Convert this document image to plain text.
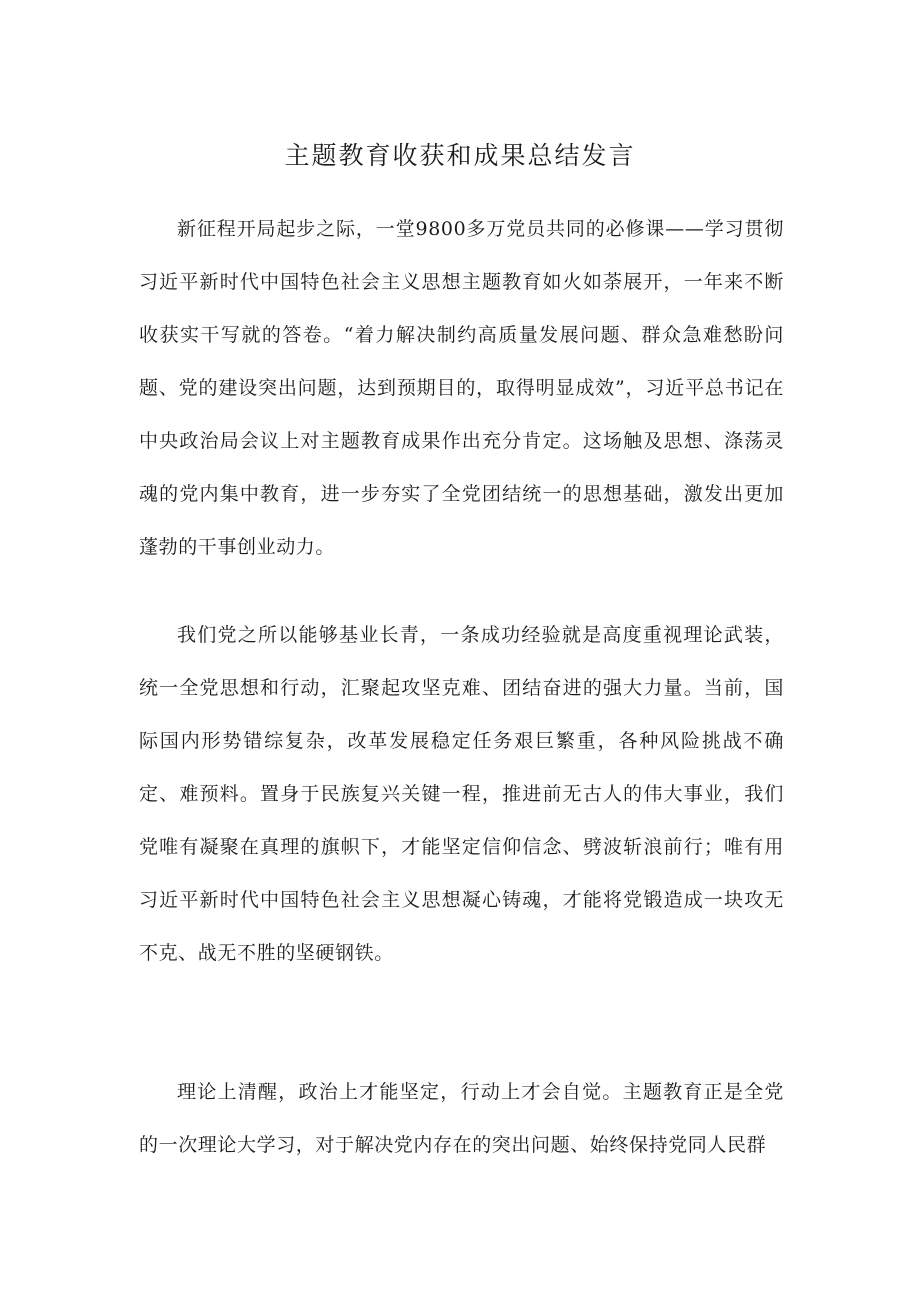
主题教育收获和成果总结发言

新征程开局起步之际，一堂9800多万党员共同的必修课——学习贯彻习近平新时代中国特色社会主义思想主题教育如火如荼展开，一年来不断收获实干写就的答卷。“着力解决制约高质量发展问题、群众急难愁盼问题、党的建设突出问题，达到预期目的，取得明显成效”，习近平总书记在中央政治局会议上对主题教育成果作出充分肯定。这场触及思想、涤荡灵魂的党内集中教育，进一步夯实了全党团结统一的思想基础，激发出更加蓬勃的干事创业动力。

我们党之所以能够基业长青，一条成功经验就是高度重视理论武装，统一全党思想和行动，汇聚起攻坚克难、团结奋进的强大力量。当前，国际国内形势错综复杂，改革发展稳定任务艰巨繁重，各种风险挑战不确定、难预料。置身于民族复兴关键一程，推进前无古人的伟大事业，我们党唯有凝聚在真理的旗帜下，才能坚定信仰信念、劈波斩浪前行；唯有用习近平新时代中国特色社会主义思想凝心铸魂，才能将党锻造成一块攻无不克、战无不胜的坚硬钢铁。

理论上清醒，政治上才能坚定，行动上才会自觉。主题教育正是全党的一次理论大学习，对于解决党内存在的突出问题、始终保持党同人民群
